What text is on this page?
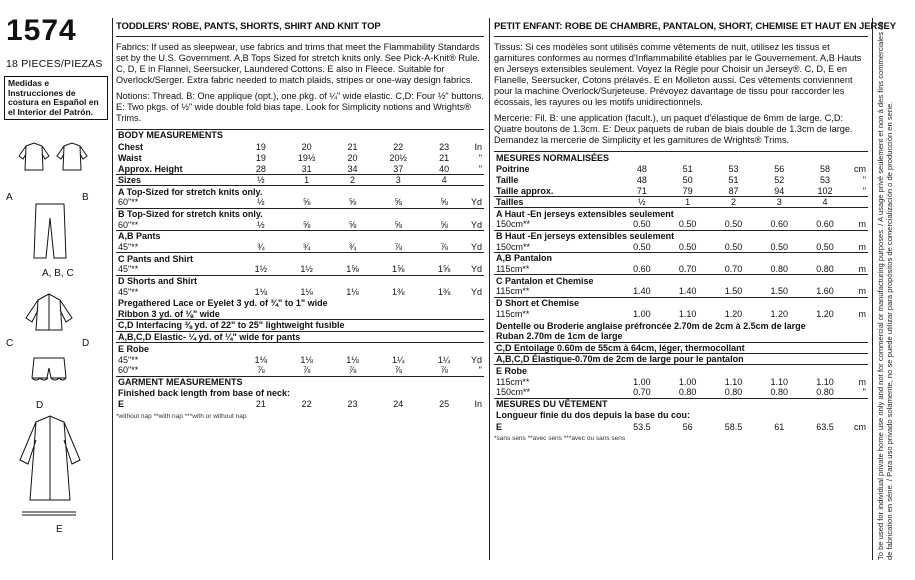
1574
18 PIECES/PIEZAS
Medidas e Instrucciones de costura en Español en el Interior del Patrón.
A	B
A, B, C
C	D
D
E
TODDLERS' ROBE, PANTS, SHORTS, SHIRT AND KNIT TOP
Fabrics: If used as sleepwear, use fabrics and trims that meet the Flammability Standards set by the U.S. Government. A,B Tops Sized for stretch knits only. See Pick-A-Knit® Rule. C, D, E in Flannel, Seersucker, Laundered Cottons. E also in Fleece. Suitable for Overlock/Serger. Extra fabric needed to match plaids, stripes or one-way design fabrics.
Notions: Thread. B: One applique (opt.), one pkg. of ¼" wide elastic. C,D: Four ½" buttons. E: Two pkgs. of ½" wide double fold bias tape. Look for Simplicity notions and Wrights® Trims.
BODY MEASUREMENTS						
Chest	19	20	21	22	23	In
Waist	19	19½	20	20½	21	"
Approx. Height	28	31	34	37	40	"
Sizes	½	1	2	3	4	
A Top-Sized for stretch knits only.						
60"**	½	⅝	⅝	⅝	⅝	Yd
B Top-Sized for stretch knits only.						
60"**	½	⅝	⅝	⅝	⅝	Yd
A,B Pants						
45"**	¾	¾	¾	⅞	⅞	Yd
C Pants and Shirt						
45"**	1½	1½	1⅝	1⅝	1⅝	Yd
D Shorts and Shirt						
45"**	1⅛	1⅛	1⅛	1⅜	1⅜	Yd
Pregathered Lace or Eyelet 3 yd. of ¾" to 1" wide						
Ribbon 3 yd. of ⅛" wide						
C,D Interfacing ⅜ yd. of 22" to 25" lightweight fusible						
A,B,C,D Elastic- ¼ yd. of ¼" wide for pants						
E Robe						
45"**	1⅛	1⅛	1⅛	1¼	1¼	Yd
60"**	⅞	⅞	⅞	⅞	⅞	"
GARMENT MEASUREMENTS						
Finished back length from base of neck:						
E	21	22	23	24	25	In
*without nap **with nap ***with or without nap
PETIT ENFANT: ROBE DE CHAMBRE, PANTALON, SHORT, CHEMISE ET HAUT EN JERSEY
Tissus: Si ces modèles sont utilisés comme vêtements de nuit, utilisez les tissus et garnitures conformes au normes d'Inflammabilité établies par le Gouvernement. A,B Hauts en Jerseys extensibles seulement. Voyez la Règle pour Choisir un Jersey®. C, D, E en Flanelle, Seersucker, Cotons prélavés. E en Molleton aussi. Ces vêtements conviennent pour la machine Overlock/Surjeteuse. Prévoyez davantage de tissu pour raccorder les écossais, les rayures ou les motifs unidirectionnels.
Mercerie: Fil. B: une application (facult.), un paquet d'élastique de 6mm de large. C,D: Quatre boutons de 1.3cm. E: Deux paquets de ruban de biais double de 1.3cm de large. Demandez la mercerie de Simplicity et les garnitures de Wrights® Trims.
MESURES NORMALISÉES						
Poitrine	48	51	53	56	58	cm
Taille	48	50	51	52	53	"
Taille approx.	71	79	87	94	102	"
Tailles	½	1	2	3	4	
A Haut -En jerseys extensibles seulement						
150cm**	0.50	0.50	0.50	0.60	0.60	m
B Haut -En jerseys extensibles seulement						
150cm**	0.50	0.50	0.50	0.50	0.50	m
A,B Pantalon						
115cm**	0.60	0.70	0.70	0.80	0.80	m
C Pantalon et Chemise						
115cm**	1.40	1.40	1.50	1.50	1.60	m
D Short et Chemise						
115cm**	1.00	1.10	1.20	1.20	1.20	m
Dentelle ou Broderie anglaise préfroncée 2.70m de 2cm à 2.5cm de large						
Ruban 2.70m de 1cm de large						
C,D Entoilage 0.60m de 55cm à 64cm, léger, thermocollant						
A,B,C,D Élastique-0.70m de 2cm de large pour le pantalon						
E Robe						
115cm**	1.00	1.00	1.10	1.10	1.10	m
150cm**	0.70	0.80	0.80	0.80	0.80	"
MESURES DU VÊTEMENT						
Longueur finie du dos depuis la base du cou:						
E	53.5	56	58.5	61	63.5	cm
*sans sens **avec sens ***avec ou sans sens	To be used for individual private home use only and not for commercial or manufacturing purposes. / A usage privé seulement et non à des fins commerciales ou de fabrication en série. / Para uso privado solamente, no se puede utilizar para propósitos de comercialización o de producción en serie.
